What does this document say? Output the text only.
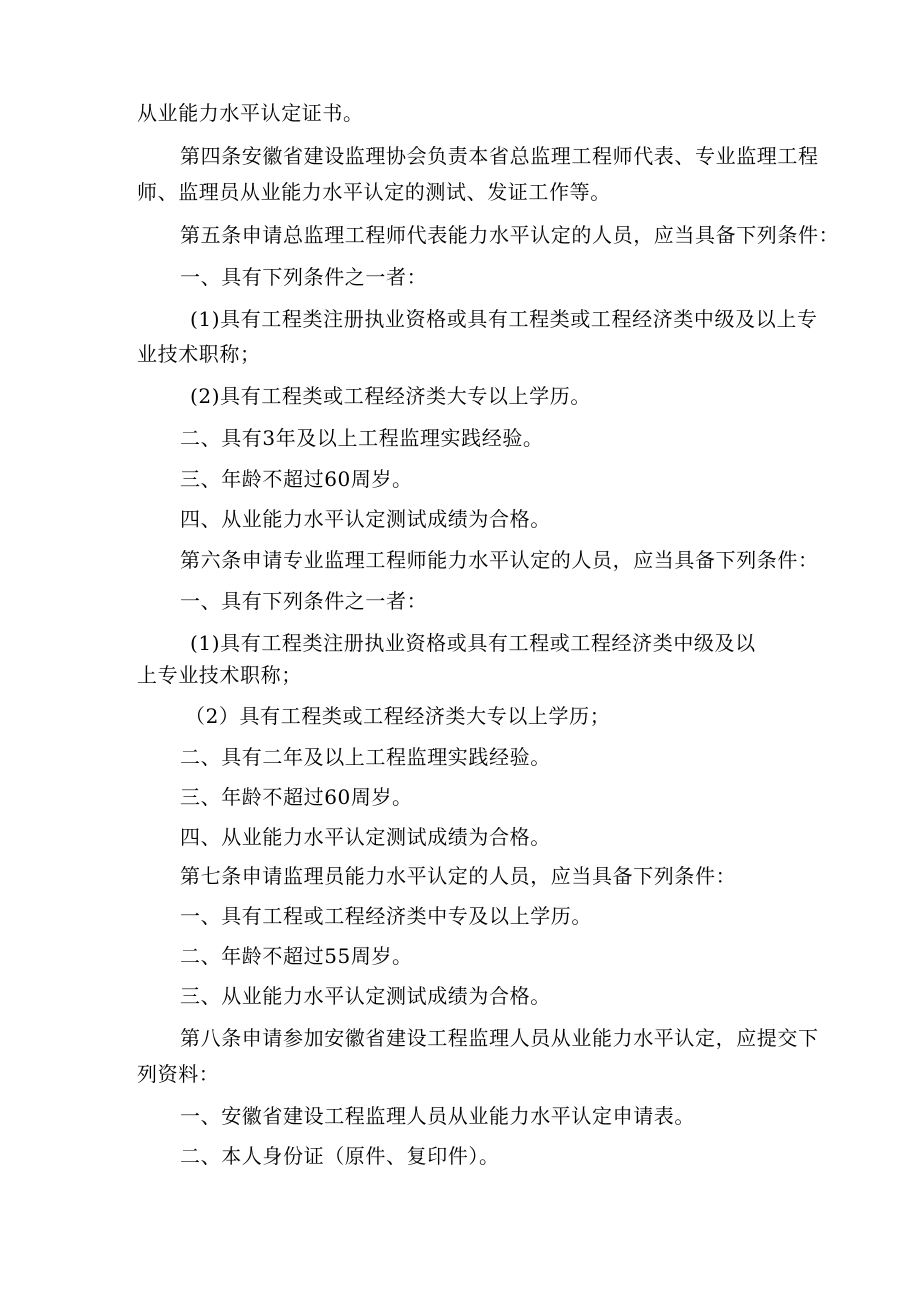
从业能力水平认定证书。
第四条安徽省建设监理协会负责本省总监理工程师代表、专业监理工程
师、监理员从业能力水平认定的测试、发证工作等。
第五条申请总监理工程师代表能力水平认定的人员，应当具备下列条件：
一、具有下列条件之一者：
(1)具有工程类注册执业资格或具有工程类或工程经济类中级及以上专
业技术职称；
(2)具有工程类或工程经济类大专以上学历。
二、具有3年及以上工程监理实践经验。
三、年龄不超过60周岁。
四、从业能力水平认定测试成绩为合格。
第六条申请专业监理工程师能力水平认定的人员，应当具备下列条件：
一、具有下列条件之一者：
(1)具有工程类注册执业资格或具有工程或工程经济类中级及以
上专业技术职称；
（2）具有工程类或工程经济类大专以上学历；
二、具有二年及以上工程监理实践经验。
三、年龄不超过60周岁。
四、从业能力水平认定测试成绩为合格。
第七条申请监理员能力水平认定的人员，应当具备下列条件：
一、具有工程或工程经济类中专及以上学历。
二、年龄不超过55周岁。
三、从业能力水平认定测试成绩为合格。
第八条申请参加安徽省建设工程监理人员从业能力水平认定，应提交下
列资料：
一、安徽省建设工程监理人员从业能力水平认定申请表。
二、本人身份证（原件、复印件）。
